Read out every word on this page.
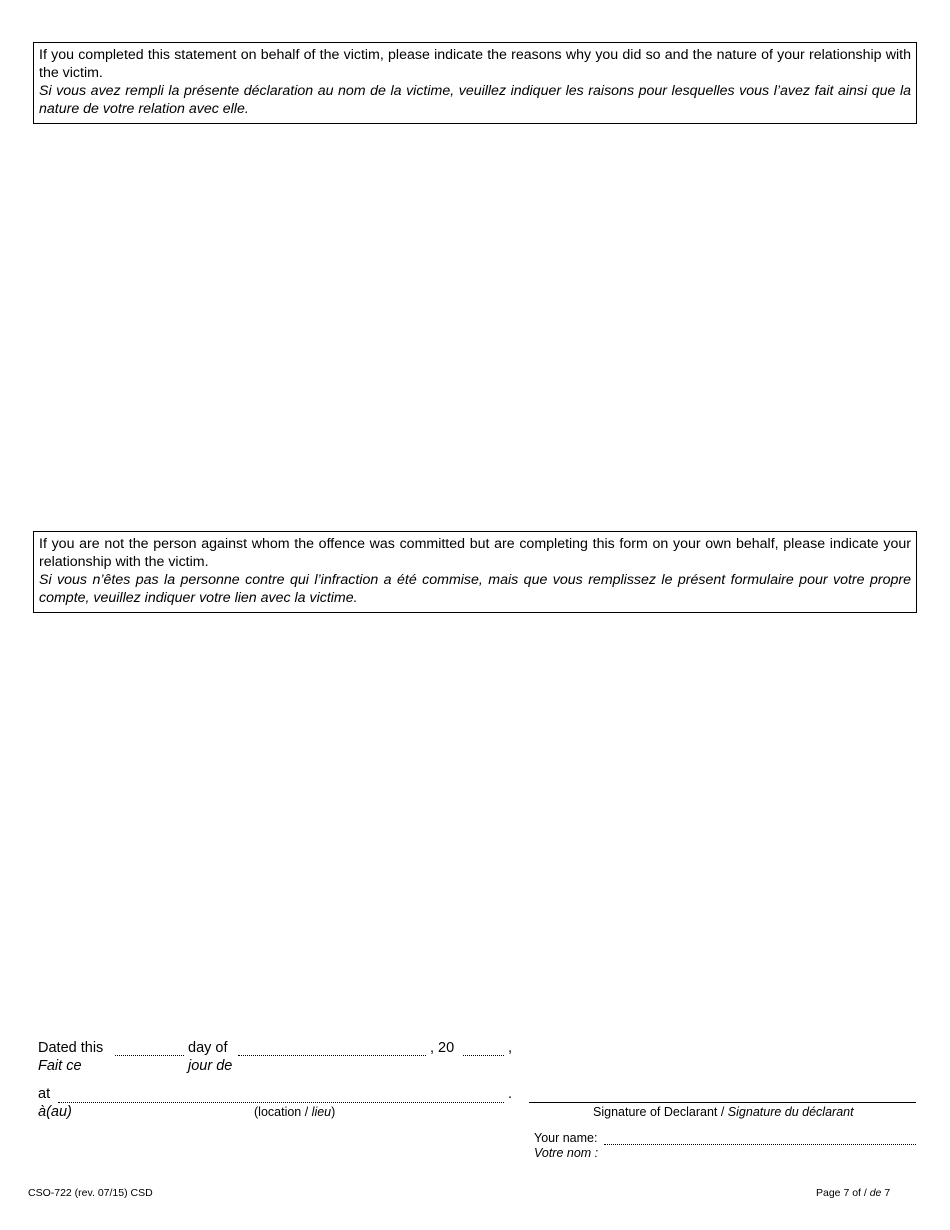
If you completed this statement on behalf of the victim, please indicate the reasons why you did so and the nature of your relationship with the victim.

Si vous avez rempli la présente déclaration au nom de la victime, veuillez indiquer les raisons pour lesquelles vous l’avez fait ainsi que la nature de votre relation avec elle.

If you are not the person against whom the offence was committed but are completing this form on your own behalf, please indicate your relationship with the victim.

Si vous n’êtes pas la personne contre qui l’infraction a été commise, mais que vous remplissez le présent formulaire pour votre propre compte, veuillez indiquer votre lien avec la victime.

Dated this
Fait ce
day of
jour de
, 20	,
at
à(au)
.
(location / lieu)	Signature of Declarant / Signature du déclarant
Your name:
Votre nom :
CSO-722 (rev. 07/15) CSD	Page 7 of / de 7
